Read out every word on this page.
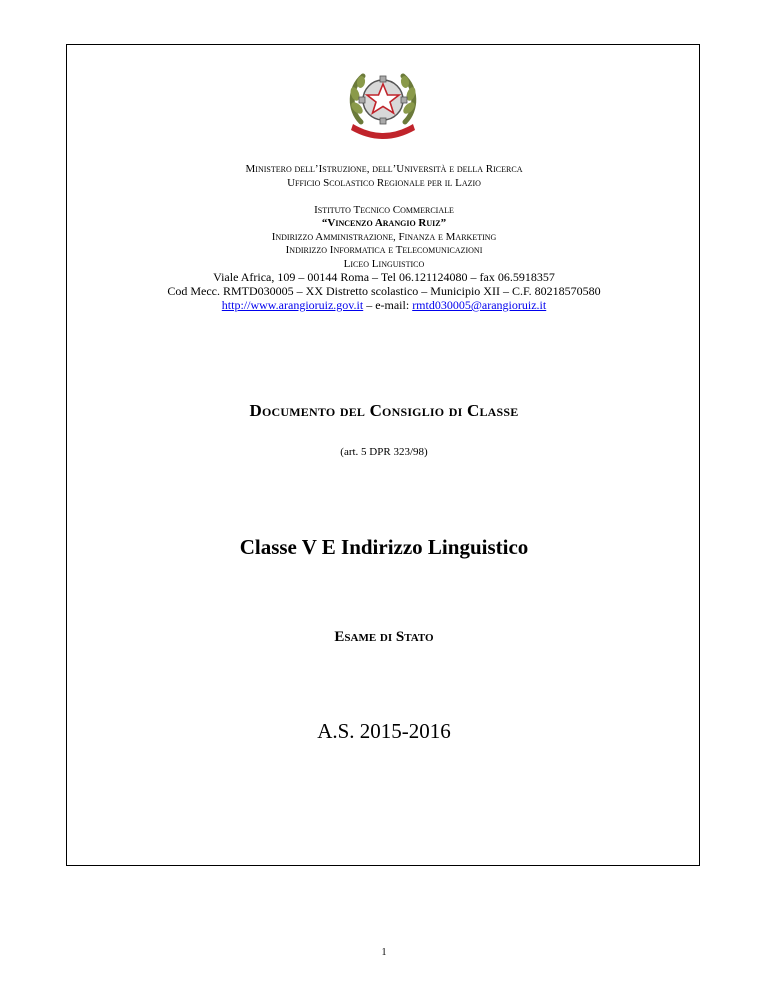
Ministero dell’Istruzione, dell’Università e della Ricerca
Ufficio Scolastico Regionale per il Lazio
Istituto Tecnico Commerciale
“Vincenzo Arangio Ruiz”
Indirizzo Amministrazione, Finanza e Marketing
Indirizzo Informatica e Telecomunicazioni
Liceo Linguistico
Viale Africa, 109 – 00144 Roma – Tel 06.121124080 – fax 06.5918357
Cod Mecc. RMTD030005 – XX Distretto scolastico – Municipio XII – C.F. 80218570580
http://www.arangioruiz.gov.it – e-mail: rmtd030005@arangioruiz.it
Documento del Consiglio di Classe
(art. 5 DPR 323/98)
Classe V E Indirizzo Linguistico
Esame di Stato
A.S. 2015-2016
1
